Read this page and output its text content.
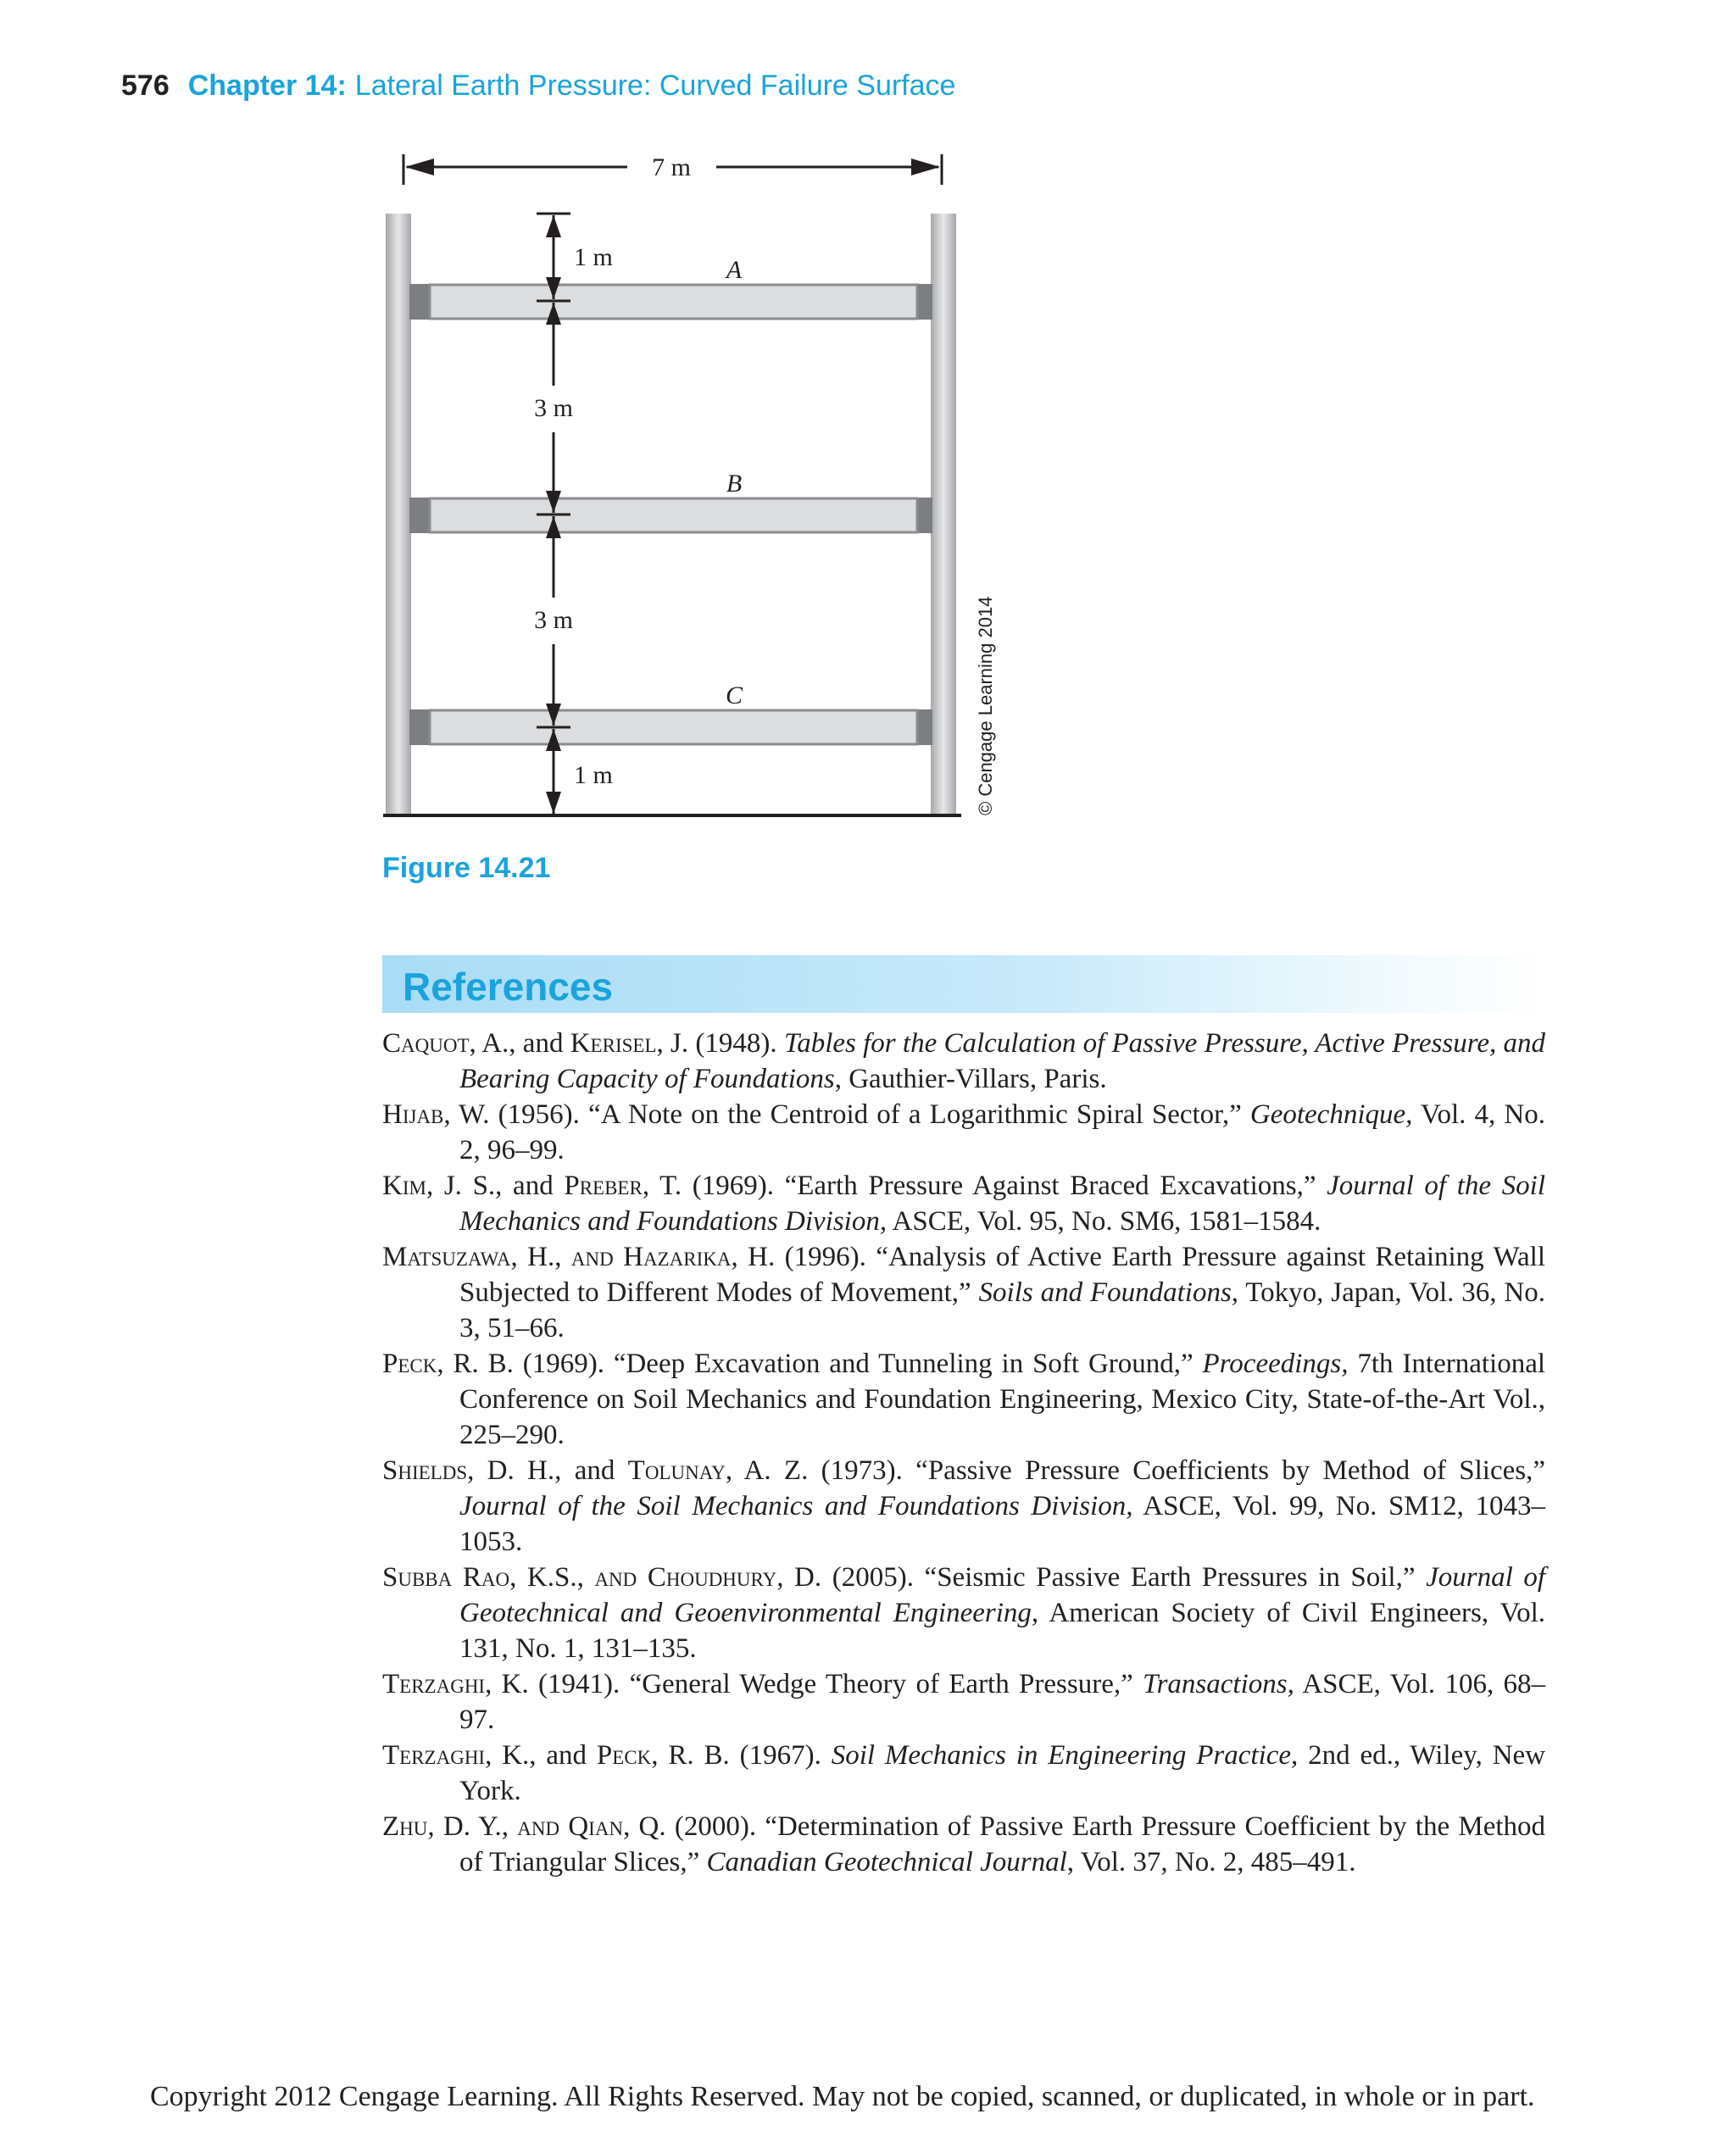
576 Chapter 14: Lateral Earth Pressure: Curved Failure Surface
7 m
A
B
C
1 m
3 m
3 m
1 m	© Cengage Learning 2014
Figure 14.21
References
Caquot, A., and Kerisel, J. (1948). Tables for the Calculation of Passive Pressure, Active Pressure, and Bearing Capacity of Foundations, Gauthier-Villars, Paris.
Hijab, W. (1956). “A Note on the Centroid of a Logarithmic Spiral Sector,” Geotechnique, Vol. 4, No. 2, 96–99.
Kim, J. S., and Preber, T. (1969). “Earth Pressure Against Braced Excavations,” Journal of the Soil Mechanics and Foundations Division, ASCE, Vol. 95, No. SM6, 1581–1584.
Matsuzawa, H., and Hazarika, H. (1996). “Analysis of Active Earth Pressure against Retaining Wall Subjected to Different Modes of Movement,” Soils and Foundations, Tokyo, Japan, Vol. 36, No. 3, 51–66.
Peck, R. B. (1969). “Deep Excavation and Tunneling in Soft Ground,” Proceedings, 7th International Conference on Soil Mechanics and Foundation Engineering, Mexico City, State-of-the-Art Vol., 225–290.
Shields, D. H., and Tolunay, A. Z. (1973). “Passive Pressure Coefficients by Method of Slices,” Journal of the Soil Mechanics and Foundations Division, ASCE, Vol. 99, No. SM12, 1043–1053.
Subba Rao, K.S., and Choudhury, D. (2005). “Seismic Passive Earth Pressures in Soil,” Journal of Geotechnical and Geoenvironmental Engineering, American Society of Civil Engineers, Vol. 131, No. 1, 131–135.
Terzaghi, K. (1941). “General Wedge Theory of Earth Pressure,” Transactions, ASCE, Vol. 106, 68–97.
Terzaghi, K., and Peck, R. B. (1967). Soil Mechanics in Engineering Practice, 2nd ed., Wiley, New York.
Zhu, D. Y., and Qian, Q. (2000). “Determination of Passive Earth Pressure Coefficient by the Method of Triangular Slices,” Canadian Geotechnical Journal, Vol. 37, No. 2, 485–491.
Copyright 2012 Cengage Learning. All Rights Reserved. May not be copied, scanned, or duplicated, in whole or in part.
